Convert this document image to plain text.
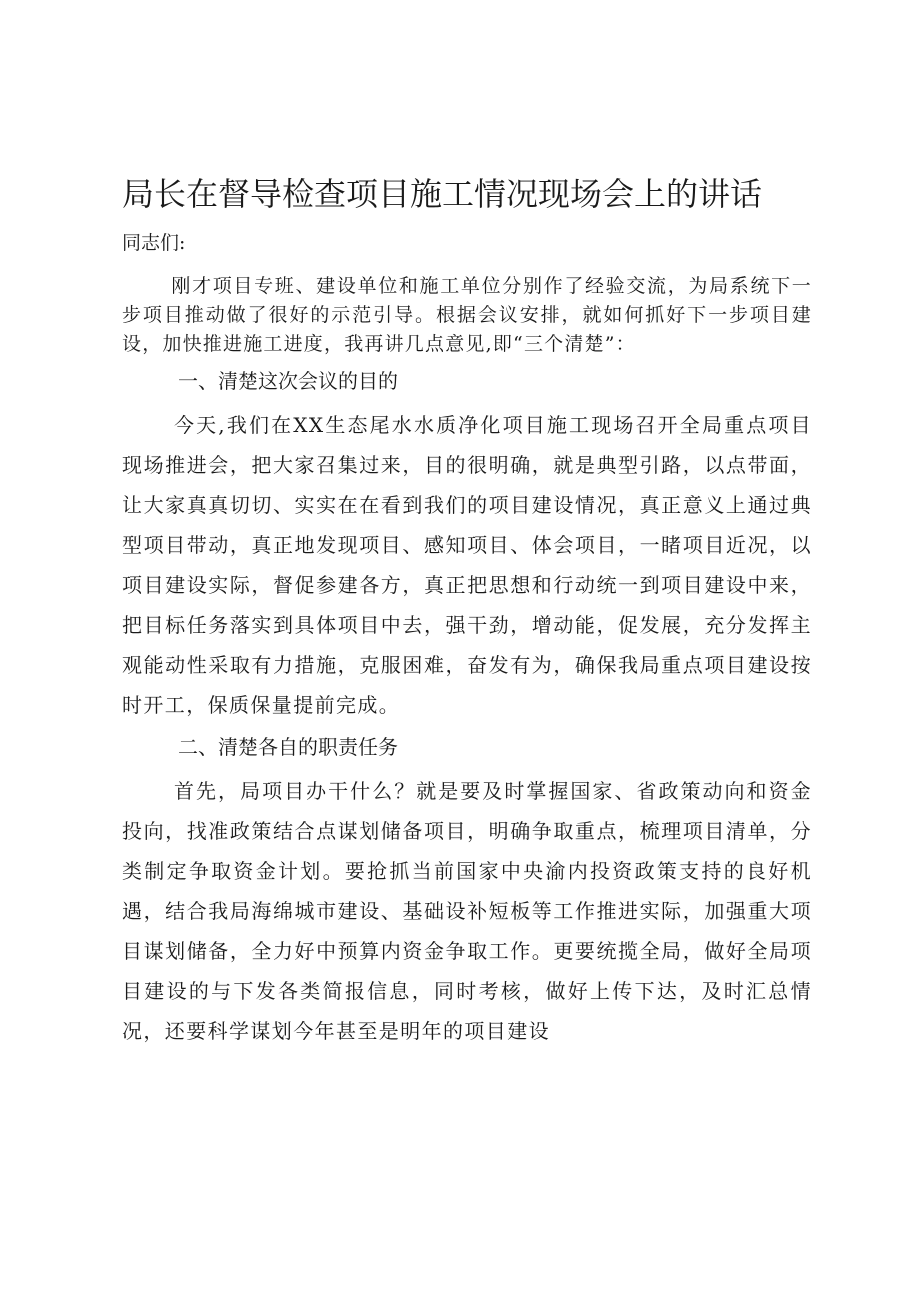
局长在督导检查项目施工情况现场会上的讲话

同志们:

刚才项目专班、建设单位和施工单位分别作了经验交流，为局系统下一步项目推动做了很好的示范引导。根据会议安排，就如何抓好下一步项目建设，加快推进施工进度，我再讲几点意见,即“三个清楚”：

一、清楚这次会议的目的

今天,我们在XX生态尾水水质净化项目施工现场召开全局重点项目现场推进会，把大家召集过来，目的很明确，就是典型引路，以点带面，让大家真真切切、实实在在看到我们的项目建设情况，真正意义上通过典型项目带动，真正地发现项目、感知项目、体会项目，一睹项目近况，以项目建设实际，督促参建各方，真正把思想和行动统一到项目建设中来，把目标任务落实到具体项目中去，强干劲，增动能，促发展，充分发挥主观能动性采取有力措施，克服困难，奋发有为，确保我局重点项目建设按时开工，保质保量提前完成。

二、清楚各自的职责任务

首先，局项目办干什么？就是要及时掌握国家、省政策动向和资金投向，找准政策结合点谋划储备项目，明确争取重点，梳理项目清单，分类制定争取资金计划。要抢抓当前国家中央渝内投资政策支持的良好机遇，结合我局海绵城市建设、基础设补短板等工作推进实际，加强重大项目谋划储备，全力好中预算内资金争取工作。更要统揽全局，做好全局项目建设的与下发各类简报信息，同时考核，做好上传下达，及时汇总情况，还要科学谋划今年甚至是明年的项目建设
